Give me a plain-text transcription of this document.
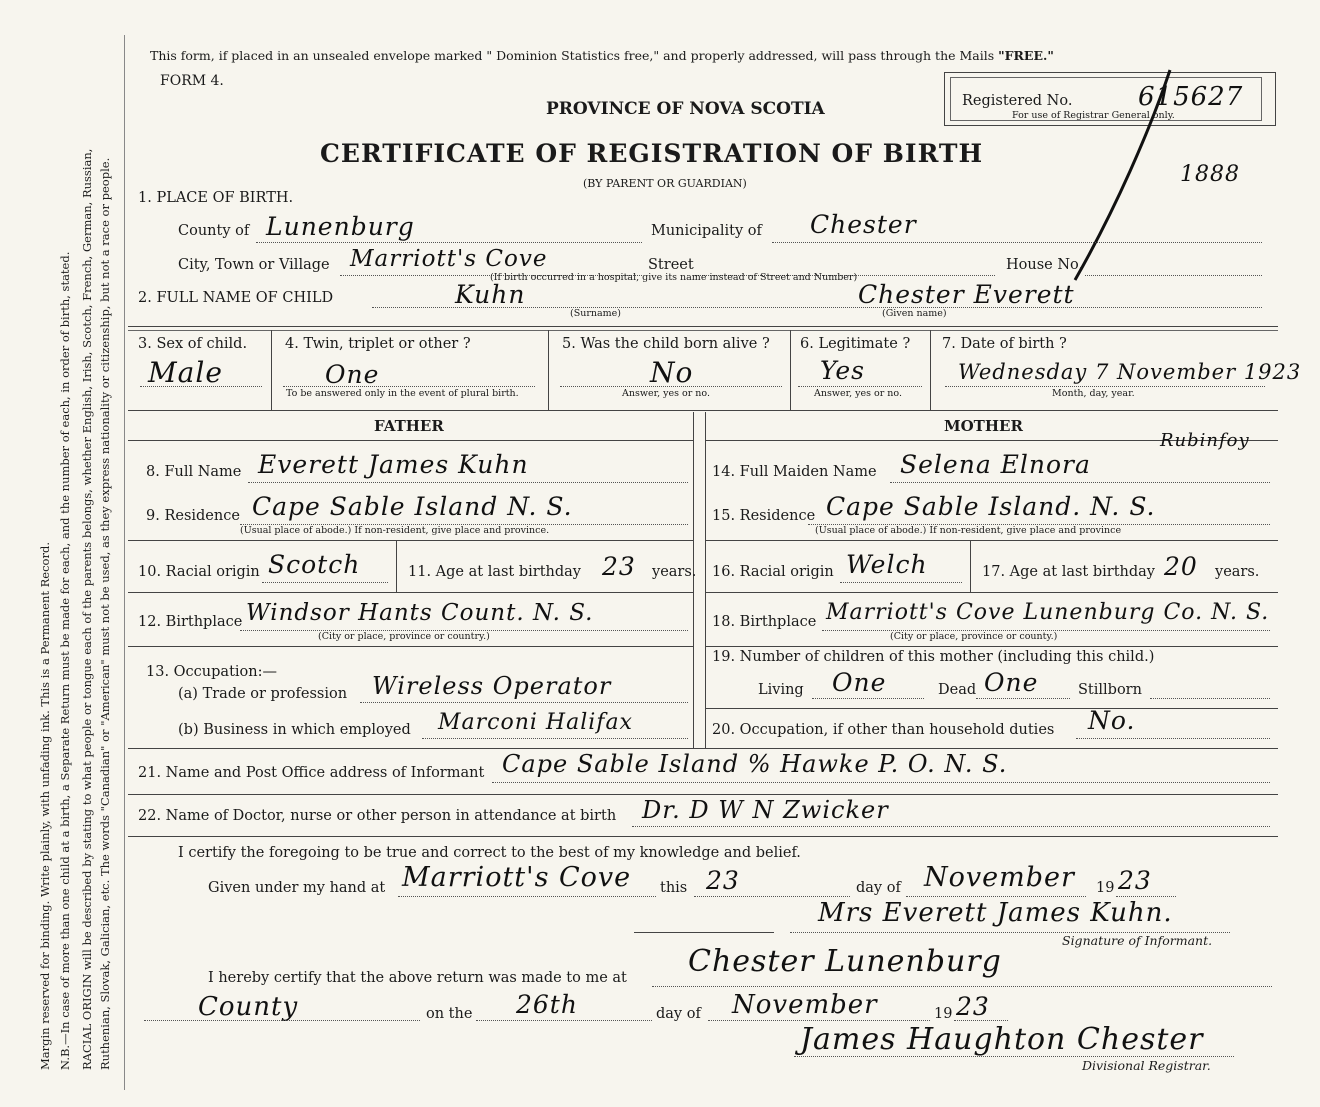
Margin reserved for binding. Write plainly, with unfading ink. This is a Permanent Record. N.B.—In case of more than one child at a birth, a Separate Return must be made for each, and the number of each, in order of birth, stated. RACIAL ORIGIN will be described by stating to what people or tongue each of the parents belongs, whether English, Irish, Scotch, French, German, Russian, Ruthenian, Slovak, Galician, etc. The words "Canadian" or "American" must not be used, as they express nationality or citizenship, but not a race or people.
This form, if placed in an unsealed envelope marked " Dominion Statistics free," and properly addressed, will pass through the Mails "FREE."
FORM 4.
PROVINCE OF NOVA SCOTIA
CERTIFICATE OF REGISTRATION OF BIRTH
(BY PARENT OR GUARDIAN)
Registered No.	615627
For use of Registrar General only.
1888
1. PLACE OF BIRTH.
County of Lunenburg	Municipality of Chester
City, Town or Village Marriott's Cove	Street	House No.
(If birth occurred in a hospital, give its name instead of Street and Number)
2. FULL NAME OF CHILD	Kuhn	Chester Everett
(Surname)	(Given name)
3. Sex of child.
Male
4. Twin, triplet or other ?
One
To be answered only in the event of plural birth.
5. Was the child born alive ?
No
Answer, yes or no.
6. Legitimate ?
Yes
Answer, yes or no.
7. Date of birth ?
Wednesday 7 November 1923
Month, day, year.
FATHER	MOTHER
8. Full Name Everett James Kuhn	14. Full Maiden Name Selena Elnora
Rubinfoy
9. Residence Cape Sable Island N. S.
(Usual place of abode.) If non-resident, give place and province.
15. Residence Cape Sable Island. N. S.
(Usual place of abode.) If non-resident, give place and province
10. Racial origin Scotch	11. Age at last birthday 23 years. 16. Racial origin Welch	17. Age at last birthday 20 years.
12. Birthplace Windsor Hants Count. N. S.
(City or place, province or country.)
18. Birthplace Marriott's Cove Lunenburg Co. N. S.
(City or place, province or county.)
13. Occupation:—
(a) Trade or profession Wireless Operator
19. Number of children of this mother (including this child.)
Living One	Dead One	Stillborn
(b) Business in which employed Marconi Halifax	20. Occupation, if other than household duties No.
21. Name and Post Office address of Informant Cape Sable Island % Hawke P. O. N. S.
22. Name of Doctor, nurse or other person in attendance at birth Dr. D W N Zwicker
I certify the foregoing to be true and correct to the best of my knowledge and belief.
Given under my hand at Marriott's Cove this 23	day of November 19 23
Mrs Everett James Kuhn.
Signature of Informant.
I hereby certify that the above return was made to me at Chester Lunenburg
County	on the 26th	day of November	19 23
James Haughton Chester
Divisional Registrar.
